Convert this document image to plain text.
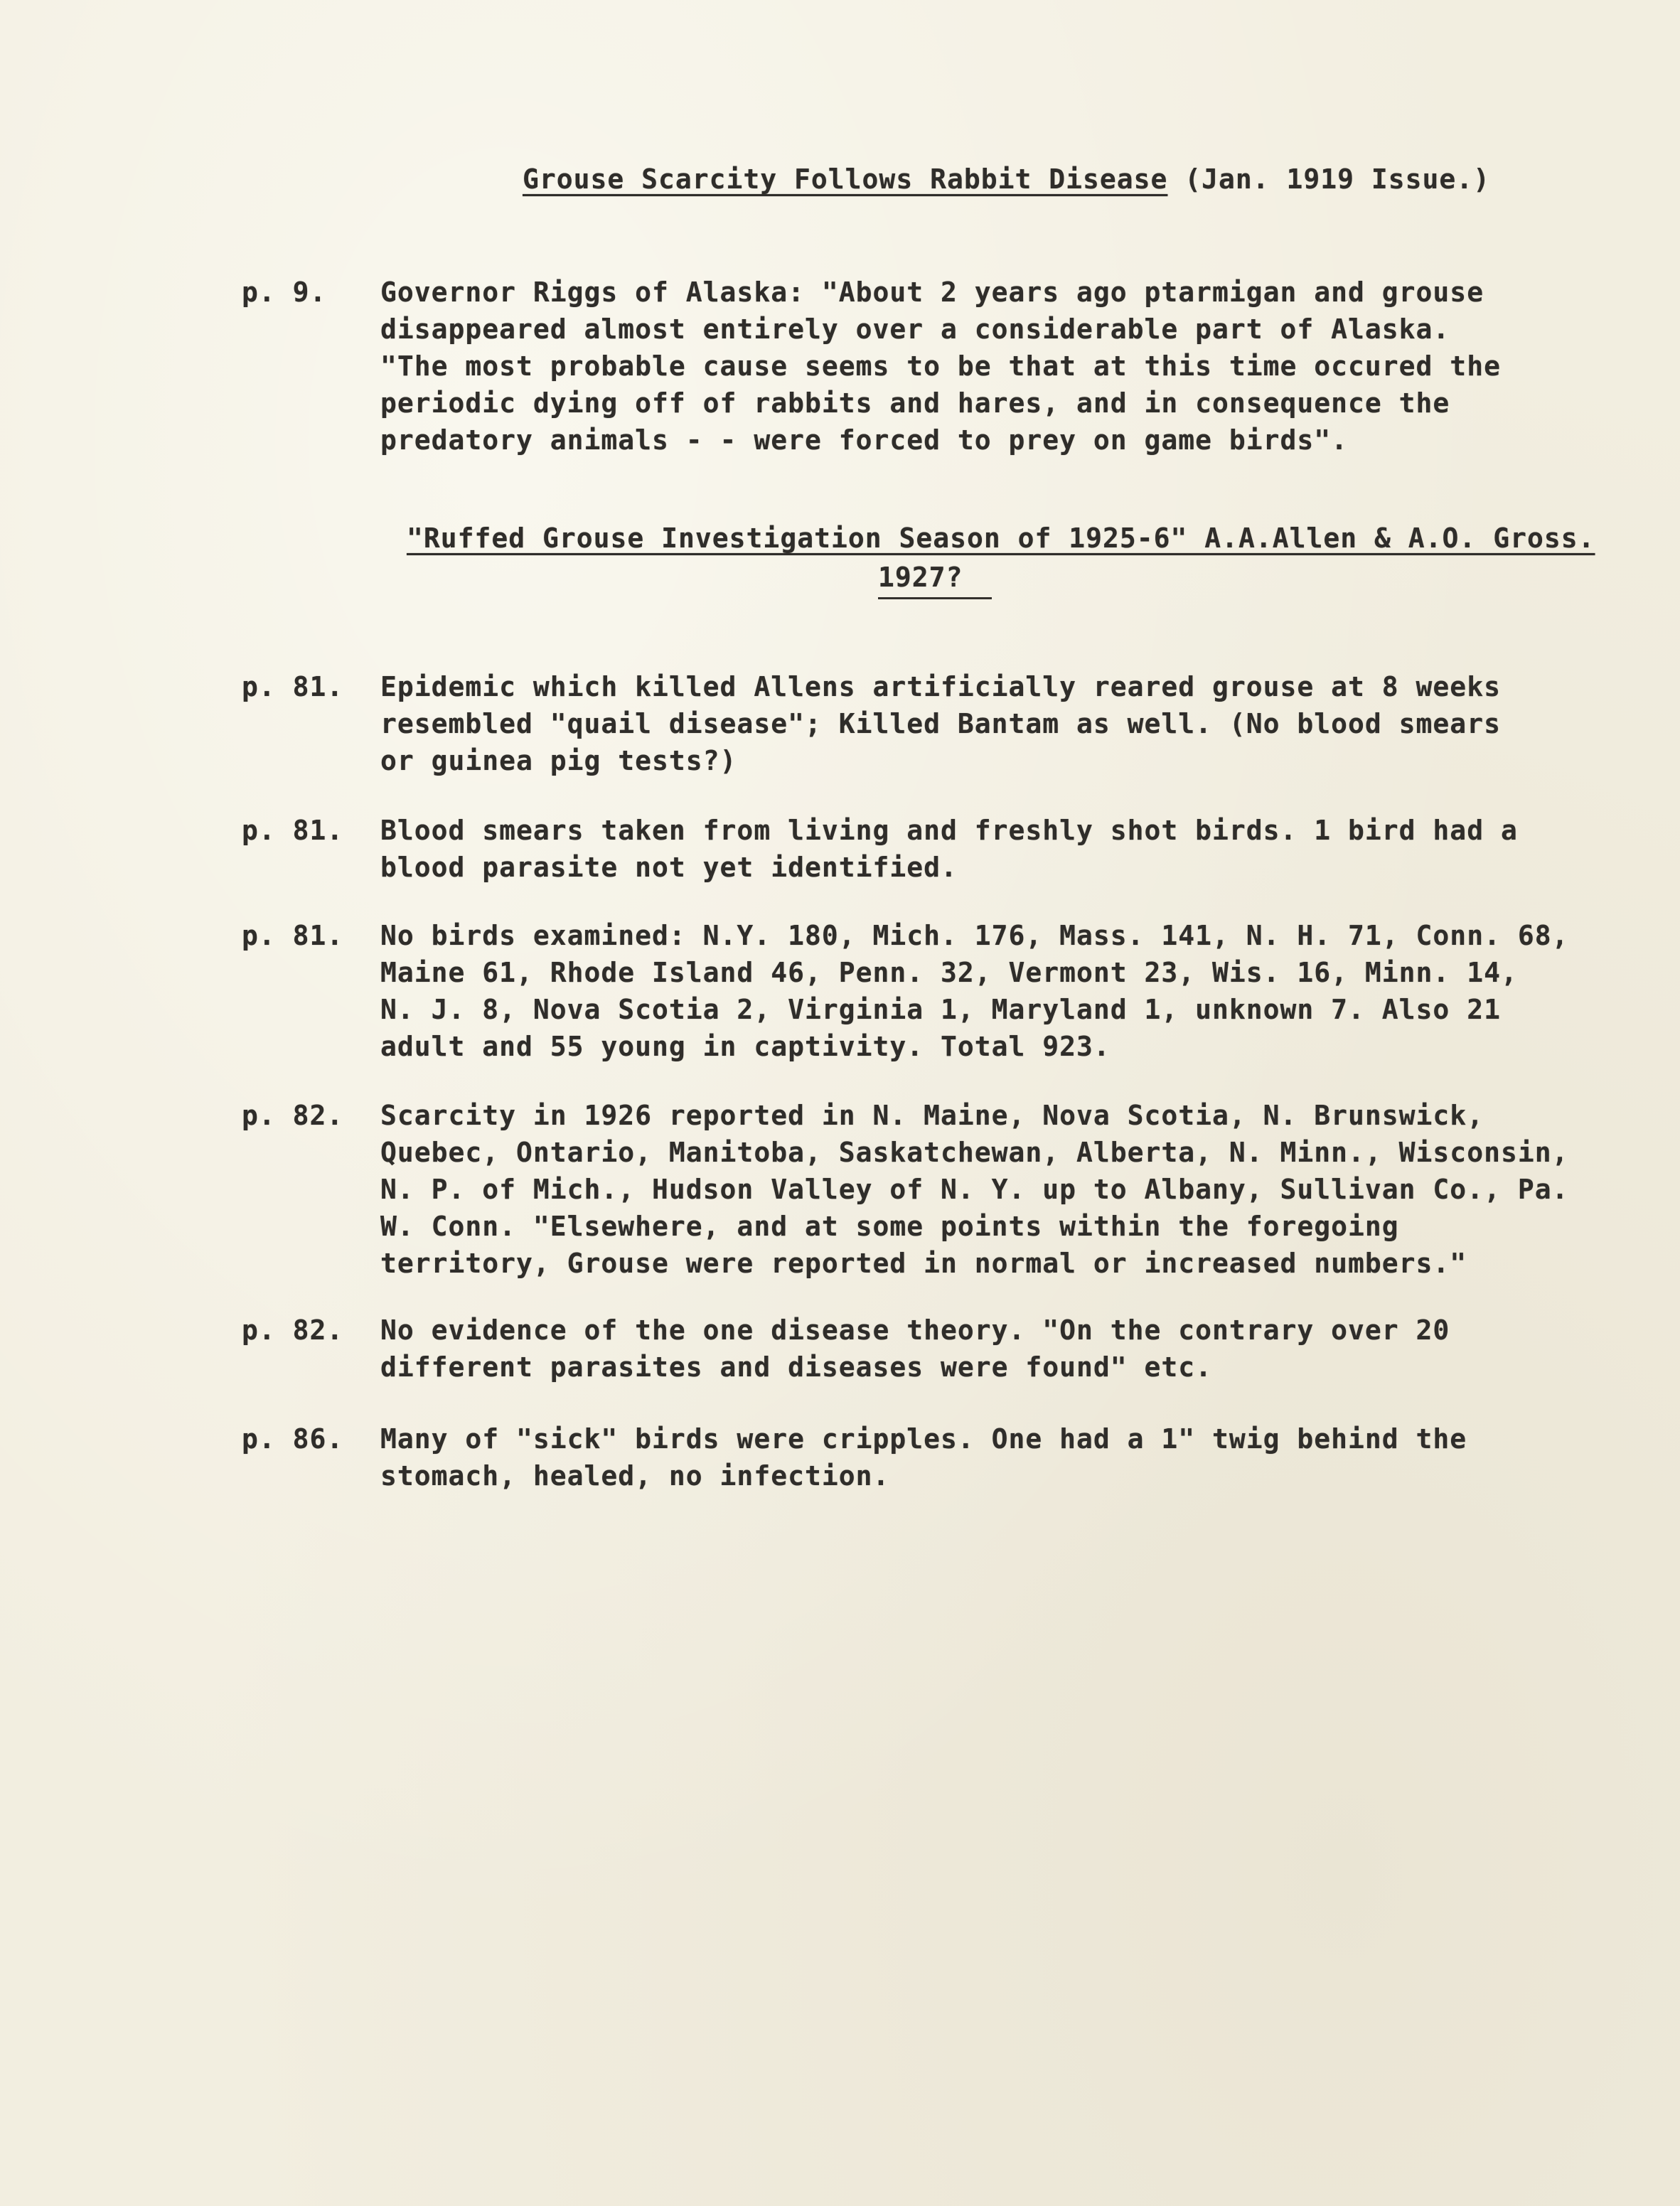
Grouse Scarcity Follows Rabbit Disease (Jan. 1919 Issue.)
p. 9.	Governor Riggs of Alaska: "About 2 years ago ptarmigan and grouse
disappeared almost entirely over a considerable part of Alaska.
"The most probable cause seems to be that at this time occured the
periodic dying off of rabbits and hares, and in consequence the
predatory animals - - were forced to prey on game birds".
"Ruffed Grouse Investigation Season of 1925-6" A.A.Allen & A.O. Gross.
1927?
p. 81.	Epidemic which killed Allens artificially reared grouse at 8 weeks
resembled "quail disease"; Killed Bantam as well. (No blood smears
or guinea pig tests?)
p. 81.	Blood smears taken from living and freshly shot birds. 1 bird had a
blood parasite not yet identified.
p. 81.	No birds examined: N.Y. 180, Mich. 176, Mass. 141, N. H. 71, Conn. 68,
Maine 61, Rhode Island 46, Penn. 32, Vermont 23, Wis. 16, Minn. 14,
N. J. 8, Nova Scotia 2, Virginia 1, Maryland 1, unknown 7. Also 21
adult and 55 young in captivity. Total 923.
p. 82.	Scarcity in 1926 reported in N. Maine, Nova Scotia, N. Brunswick,
Quebec, Ontario, Manitoba, Saskatchewan, Alberta, N. Minn., Wisconsin,
N. P. of Mich., Hudson Valley of N. Y. up to Albany, Sullivan Co., Pa.
W. Conn. "Elsewhere, and at some points within the foregoing
territory, Grouse were reported in normal or increased numbers."
p. 82.	No evidence of the one disease theory. "On the contrary over 20
different parasites and diseases were found" etc.
p. 86.	Many of "sick" birds were cripples. One had a 1" twig behind the
stomach, healed, no infection.
